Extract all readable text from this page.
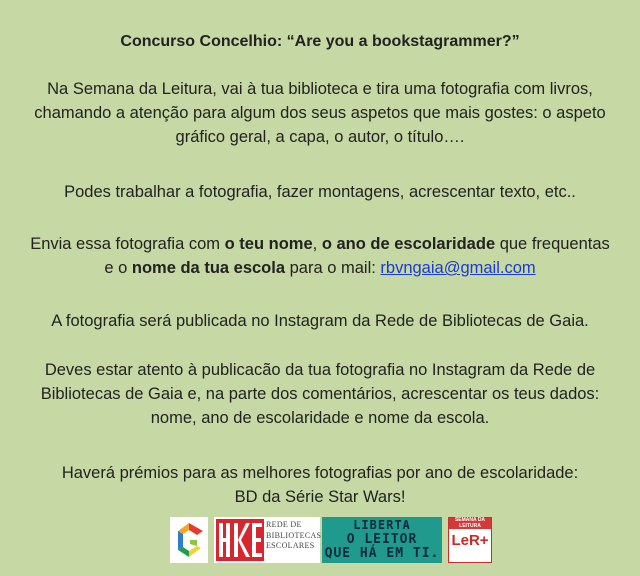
Concurso Concelhio: “Are you a bookstagrammer?”
Na Semana da Leitura, vai à tua biblioteca e tira uma fotografia com livros, chamando a atenção para algum dos seus aspetos que mais gostes: o aspeto gráfico geral, a capa, o autor, o título….
Podes trabalhar a fotografia, fazer montagens, acrescentar texto, etc..
Envia essa fotografia com o teu nome, o ano de escolaridade que frequentas e o nome da tua escola para o mail: rbvngaia@gmail.com
A fotografia será publicada no Instagram da Rede de Bibliotecas de Gaia.
Deves estar atento à publicacão da tua fotografia no Instagram da Rede de Bibliotecas de Gaia e, na parte dos comentários, acrescentar os teus dados: nome, ano de escolaridade e nome da escola.
Haverá prémios para as melhores fotografias por ano de escolaridade:
BD da Série Star Wars!
REDE DE
BIBLIOTECAS
ESCOLARES
LIBERTA
O LEITOR
QUE HÁ EM TI.
SEMANA DA LEITURA
LeR+
